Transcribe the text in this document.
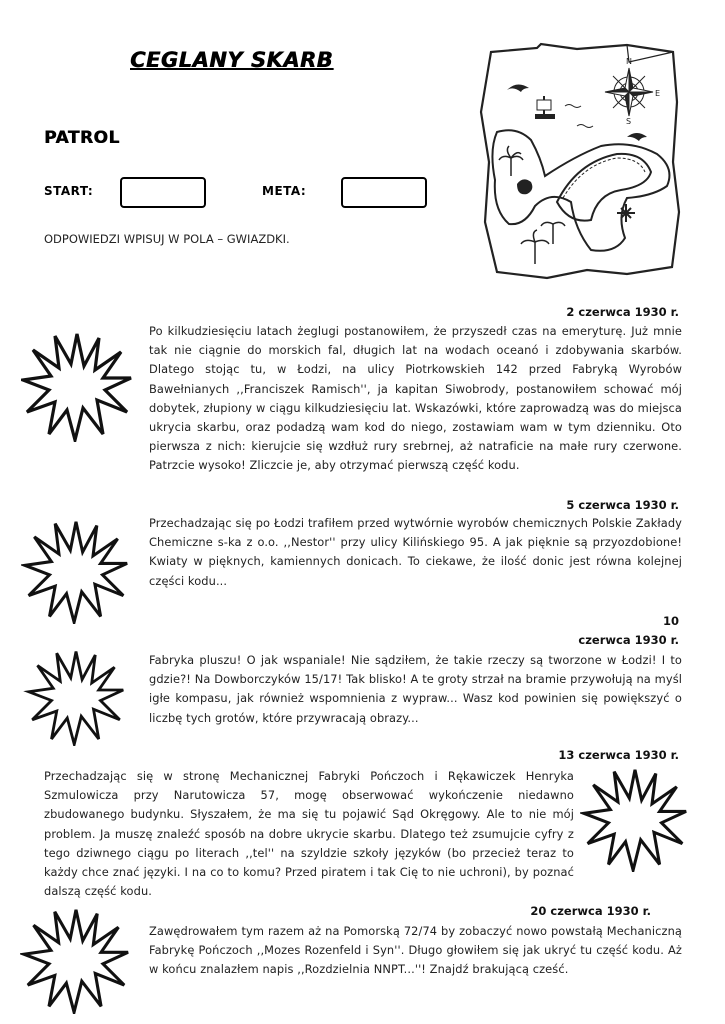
CEGLANY SKARB
PATROL
START:	META:
ODPOWIEDZI WPISUJ W POLA – GWIAZDKI.
N
E
S
2 czerwca 1930 r.
Po kilkudziesięciu latach żeglugi postanowiłem, że przyszedł czas na emeryturę. Już mnie tak nie ciągnie do morskich fal, długich lat na wodach oceanó i zdobywania skarbów. Dlatego stojąc tu, w Łodzi, na ulicy Piotrkowskieh 142 przed Fabryką Wyrobów Bawełnianych ,,Franciszek Ramisch'', ja kapitan Siwobrody, postanowiłem schować mój dobytek, złupiony w ciągu kilkudziesięciu lat. Wskazówki, które zaprowadzą was do miejsca ukrycia skarbu, oraz podadzą wam kod do niego, zostawiam wam w tym dzienniku. Oto pierwsza z nich: kierujcie się wzdłuż rury srebrnej, aż natraficie na małe rury czerwone. Patrzcie wysoko! Zliczcie je, aby otrzymać pierwszą część kodu.
5 czerwca 1930 r.
Przechadzając się po Łodzi trafiłem przed wytwórnie wyrobów chemicznych Polskie Zakłady Chemiczne s-ka z o.o. ,,Nestor'' przy ulicy Kilińskiego 95. A jak pięknie są przyozdobione! Kwiaty w pięknych, kamiennych donicach. To ciekawe, że ilość donic jest równa kolejnej części kodu...
10
czerwca 1930 r.
Fabryka pluszu! O jak wspaniale! Nie sądziłem, że takie rzeczy są tworzone w Łodzi! I to gdzie?! Na Dowborczyków 15/17! Tak blisko! A te groty strzał na bramie przywołują na myśl igłe kompasu, jak również wspomnienia z wypraw... Wasz kod powinien się powiększyć o liczbę tych grotów, które przywracają obrazy...
13 czerwca 1930 r.
Przechadzając się w stronę Mechanicznej Fabryki Pończoch i Rękawiczek Henryka Szmulowicza przy Narutowicza 57, mogę obserwować wykończenie niedawno zbudowanego budynku. Słyszałem, że ma się tu pojawić Sąd Okręgowy. Ale to nie mój problem. Ja muszę znaleźć sposób na dobre ukrycie skarbu. Dlatego też zsumujcie cyfry z tego dziwnego ciągu po literach ,,tel'' na szyldzie szkoły języków (bo przecież teraz to każdy chce znać języki. I na co to komu? Przed piratem i tak Cię to nie uchroni), by poznać dalszą część kodu.
20 czerwca 1930 r.
Zawędrowałem tym razem aż na Pomorską 72/74 by zobaczyć nowo powstałą Mechaniczną Fabrykę Pończoch ,,Mozes Rozenfeld i Syn''. Długo głowiłem się jak ukryć tu część kodu. Aż w końcu znalazłem napis ,,Rozdzielnia NNPT...''! Znajdź brakującą cześć.
